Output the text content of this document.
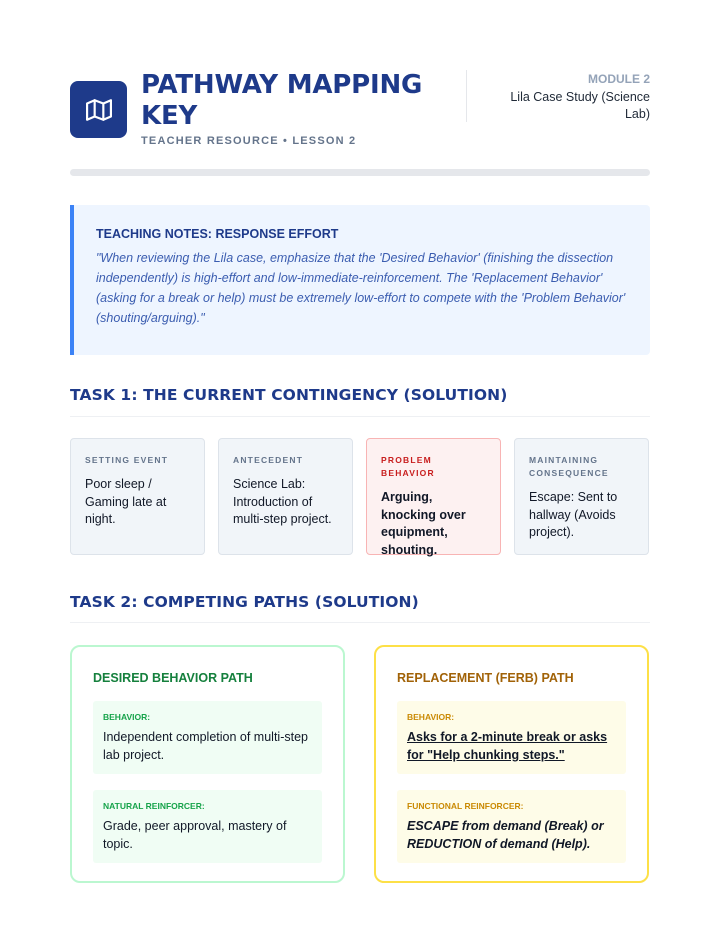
PATHWAY MAPPING KEY
TEACHER RESOURCE • LESSON 2
MODULE 2
Lila Case Study (Science Lab)
TEACHING NOTES: RESPONSE EFFORT
"When reviewing the Lila case, emphasize that the 'Desired Behavior' (finishing the dissection independently) is high-effort and low-immediate-reinforcement. The 'Replacement Behavior' (asking for a break or help) must be extremely low-effort to compete with the 'Problem Behavior' (shouting/arguing)."
TASK 1: THE CURRENT CONTINGENCY (SOLUTION)
SETTING EVENT
Poor sleep / Gaming late at night.
ANTECEDENT
Science Lab: Introduction of multi-step project.
PROBLEM BEHAVIOR
Arguing, knocking over equipment, shouting.
MAINTAINING CONSEQUENCE
Escape: Sent to hallway (Avoids project).
TASK 2: COMPETING PATHS (SOLUTION)
DESIRED BEHAVIOR PATH
BEHAVIOR:
Independent completion of multi-step lab project.
NATURAL REINFORCER:
Grade, peer approval, mastery of topic.
REPLACEMENT (FERB) PATH
BEHAVIOR:
Asks for a 2-minute break or asks for "Help chunking steps."
FUNCTIONAL REINFORCER:
ESCAPE from demand (Break) or REDUCTION of demand (Help).
